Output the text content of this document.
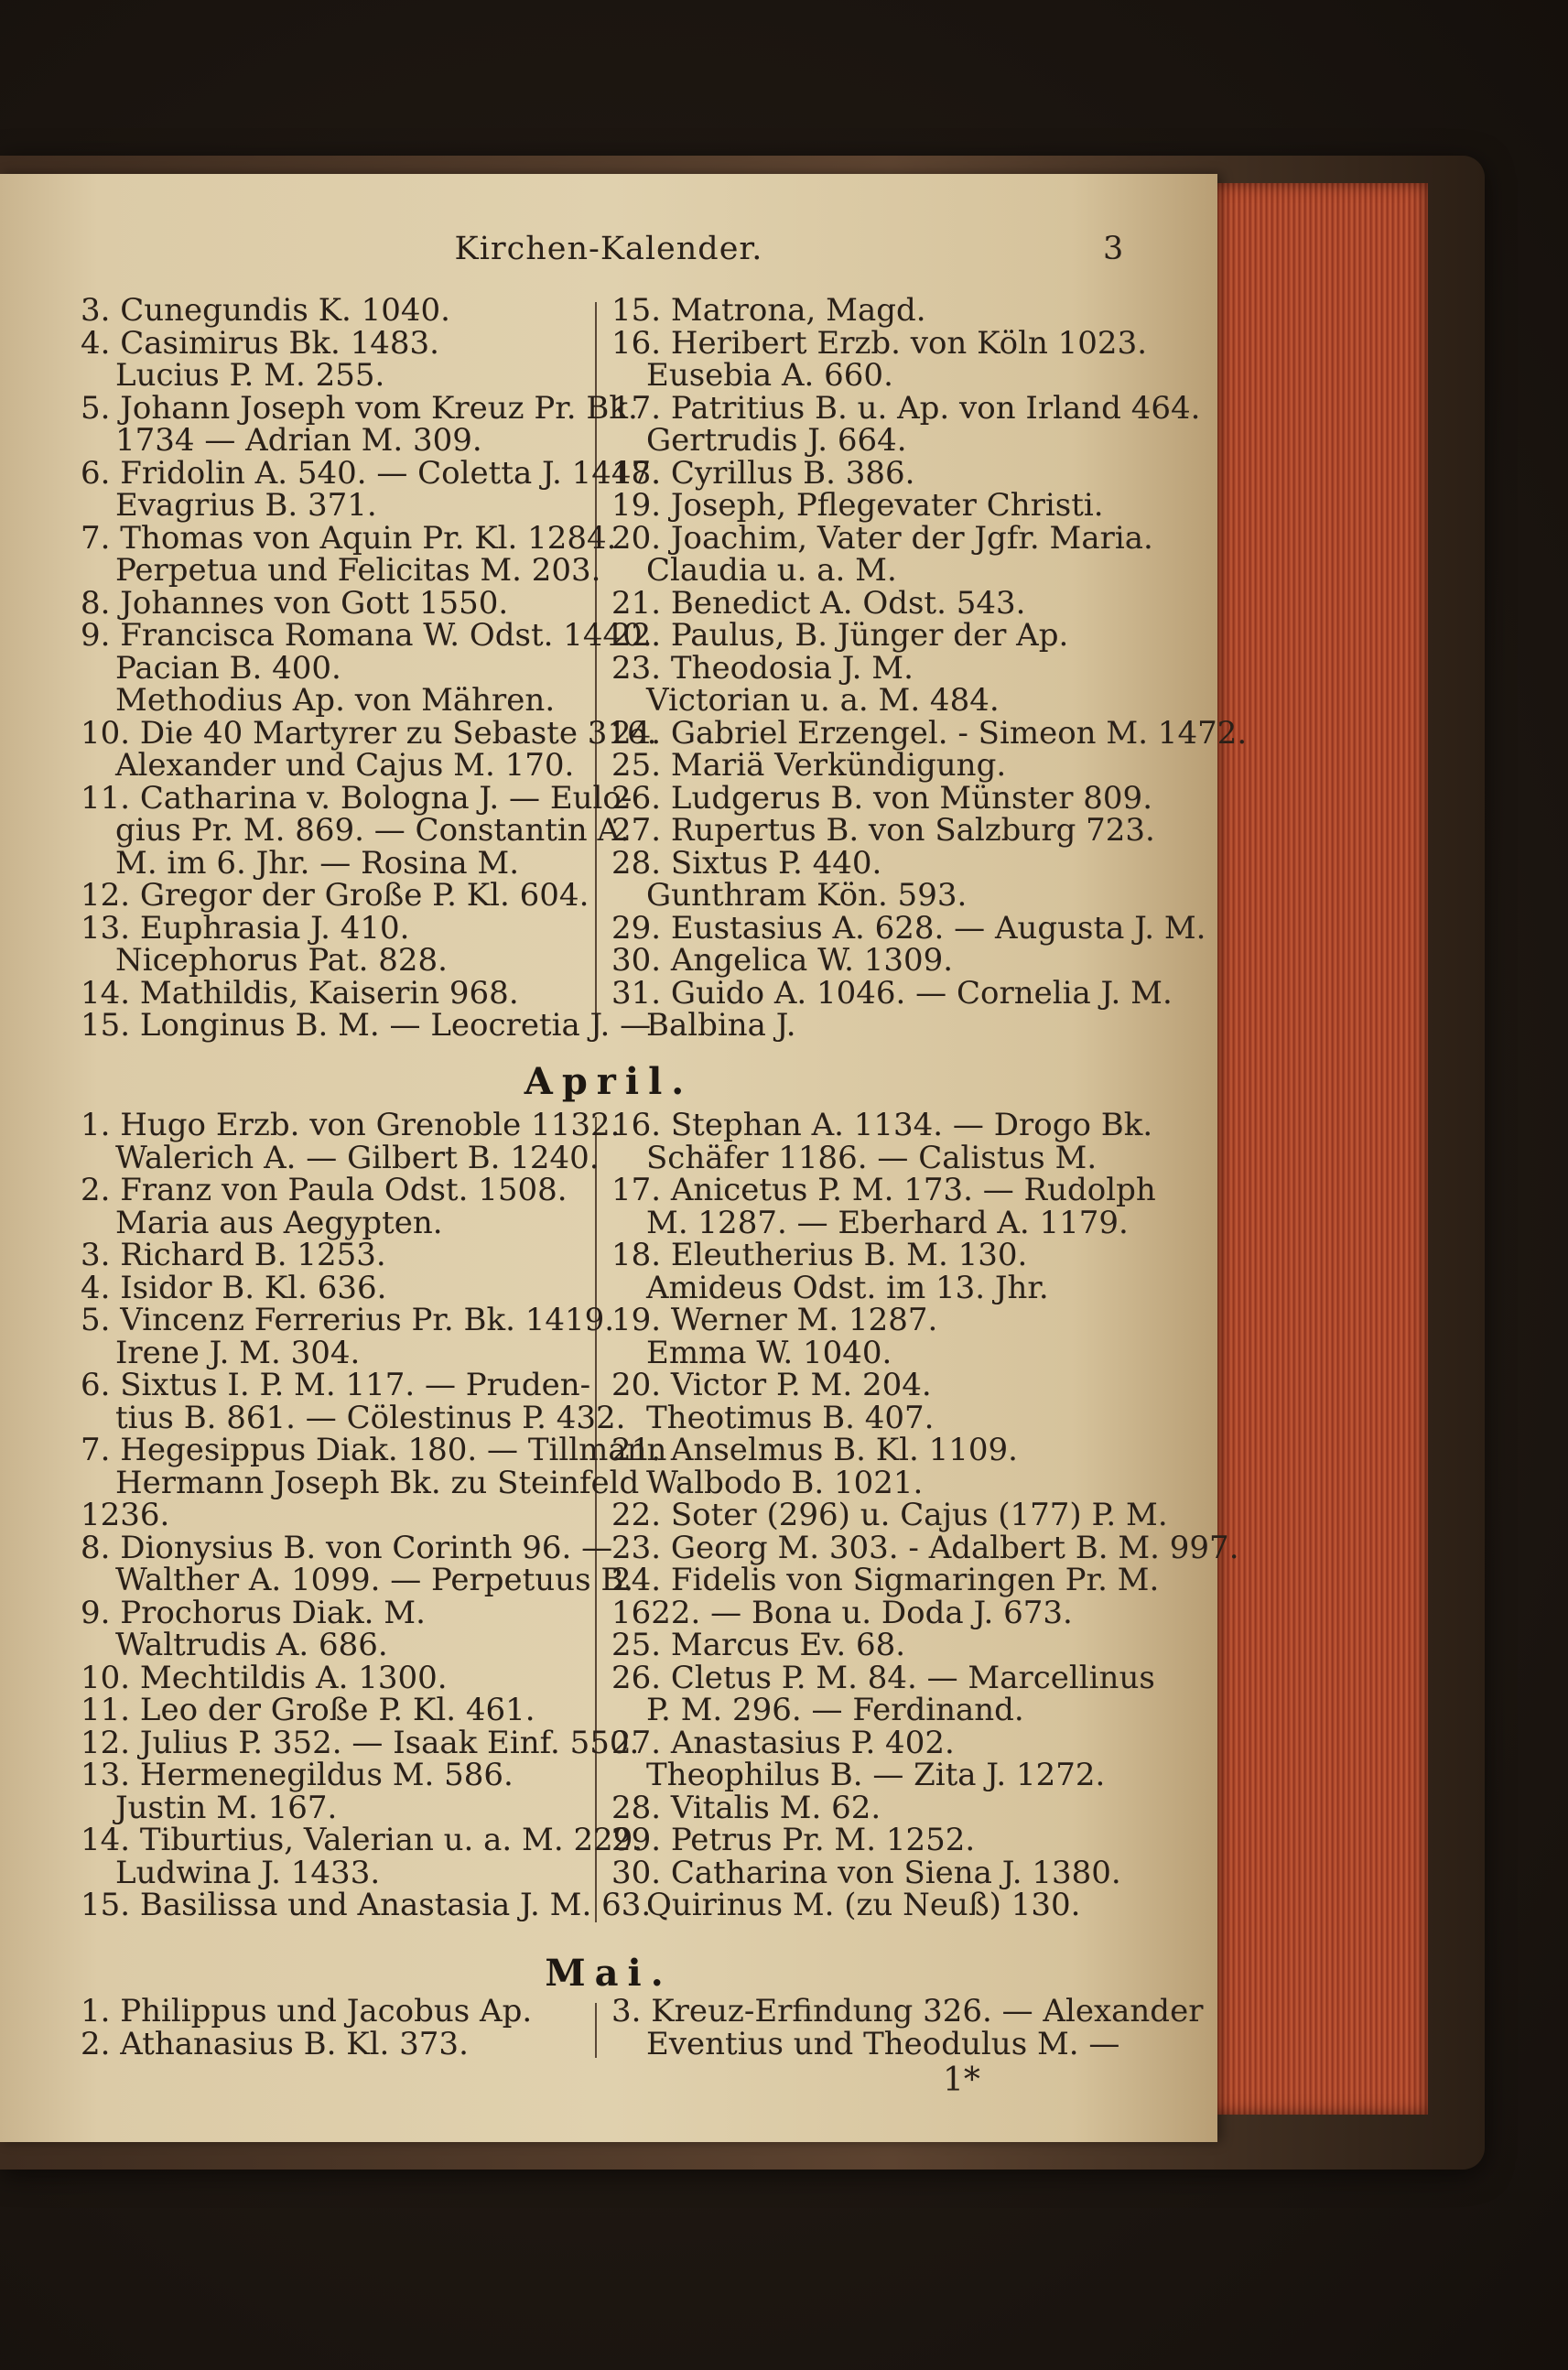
Kirchen-Kalender.	3
3. Cunegundis K. 1040.
4. Casimirus Bk. 1483.
Lucius P. M. 255.
5. Johann Joseph vom Kreuz Pr. Bk.
1734 — Adrian M. 309.
6. Fridolin A. 540. — Coletta J. 1447.
Evagrius B. 371.
7. Thomas von Aquin Pr. Kl. 1284.
Perpetua und Felicitas M. 203.
8. Johannes von Gott 1550.
9. Francisca Romana W. Odst. 1440.
Pacian B. 400.
Methodius Ap. von Mähren.
10. Die 40 Martyrer zu Sebaste 316.
Alexander und Cajus M. 170.
11. Catharina v. Bologna J. — Eulo-
gius Pr. M. 869. — Constantin A.
M. im 6. Jhr. — Rosina M.
12. Gregor der Große P. Kl. 604.
13. Euphrasia J. 410.
Nicephorus Pat. 828.
14. Mathildis, Kaiserin 968.
15. Longinus B. M. — Leocretia J. —
15. Matrona, Magd.
16. Heribert Erzb. von Köln 1023.
Eusebia A. 660.
17. Patritius B. u. Ap. von Irland 464.
Gertrudis J. 664.
18. Cyrillus B. 386.
19. Joseph, Pflegevater Christi.
20. Joachim, Vater der Jgfr. Maria.
Claudia u. a. M.
21. Benedict A. Odst. 543.
22. Paulus, B. Jünger der Ap.
23. Theodosia J. M.
Victorian u. a. M. 484.
24. Gabriel Erzengel. - Simeon M. 1472.
25. Mariä Verkündigung.
26. Ludgerus B. von Münster 809.
27. Rupertus B. von Salzburg 723.
28. Sixtus P. 440.
Gunthram Kön. 593.
29. Eustasius A. 628. — Augusta J. M.
30. Angelica W. 1309.
31. Guido A. 1046. — Cornelia J. M.
Balbina J.
April.
1. Hugo Erzb. von Grenoble 1132.
Walerich A. — Gilbert B. 1240.
2. Franz von Paula Odst. 1508.
Maria aus Aegypten.
3. Richard B. 1253.
4. Isidor B. Kl. 636.
5. Vincenz Ferrerius Pr. Bk. 1419.
Irene J. M. 304.
6. Sixtus I. P. M. 117. — Pruden-
tius B. 861. — Cölestinus P. 432.
7. Hegesippus Diak. 180. — Tillmann
Hermann Joseph Bk. zu Steinfeld
1236.
8. Dionysius B. von Corinth 96. —
Walther A. 1099. — Perpetuus B.
9. Prochorus Diak. M.
Waltrudis A. 686.
10. Mechtildis A. 1300.
11. Leo der Große P. Kl. 461.
12. Julius P. 352. — Isaak Einf. 550.
13. Hermenegildus M. 586.
Justin M. 167.
14. Tiburtius, Valerian u. a. M. 229.
Ludwina J. 1433.
15. Basilissa und Anastasia J. M. 63.
16. Stephan A. 1134. — Drogo Bk.
Schäfer 1186. — Calistus M.
17. Anicetus P. M. 173. — Rudolph
M. 1287. — Eberhard A. 1179.
18. Eleutherius B. M. 130.
Amideus Odst. im 13. Jhr.
19. Werner M. 1287.
Emma W. 1040.
20. Victor P. M. 204.
Theotimus B. 407.
21. Anselmus B. Kl. 1109.
Walbodo B. 1021.
22. Soter (296) u. Cajus (177) P. M.
23. Georg M. 303. - Adalbert B. M. 997.
24. Fidelis von Sigmaringen Pr. M.
1622. — Bona u. Doda J. 673.
25. Marcus Ev. 68.
26. Cletus P. M. 84. — Marcellinus
P. M. 296. — Ferdinand.
27. Anastasius P. 402.
Theophilus B. — Zita J. 1272.
28. Vitalis M. 62.
29. Petrus Pr. M. 1252.
30. Catharina von Siena J. 1380.
Quirinus M. (zu Neuß) 130.
Mai.
1. Philippus und Jacobus Ap.
2. Athanasius B. Kl. 373.
3. Kreuz-Erfindung 326. — Alexander
Eventius und Theodulus M. —
1*
